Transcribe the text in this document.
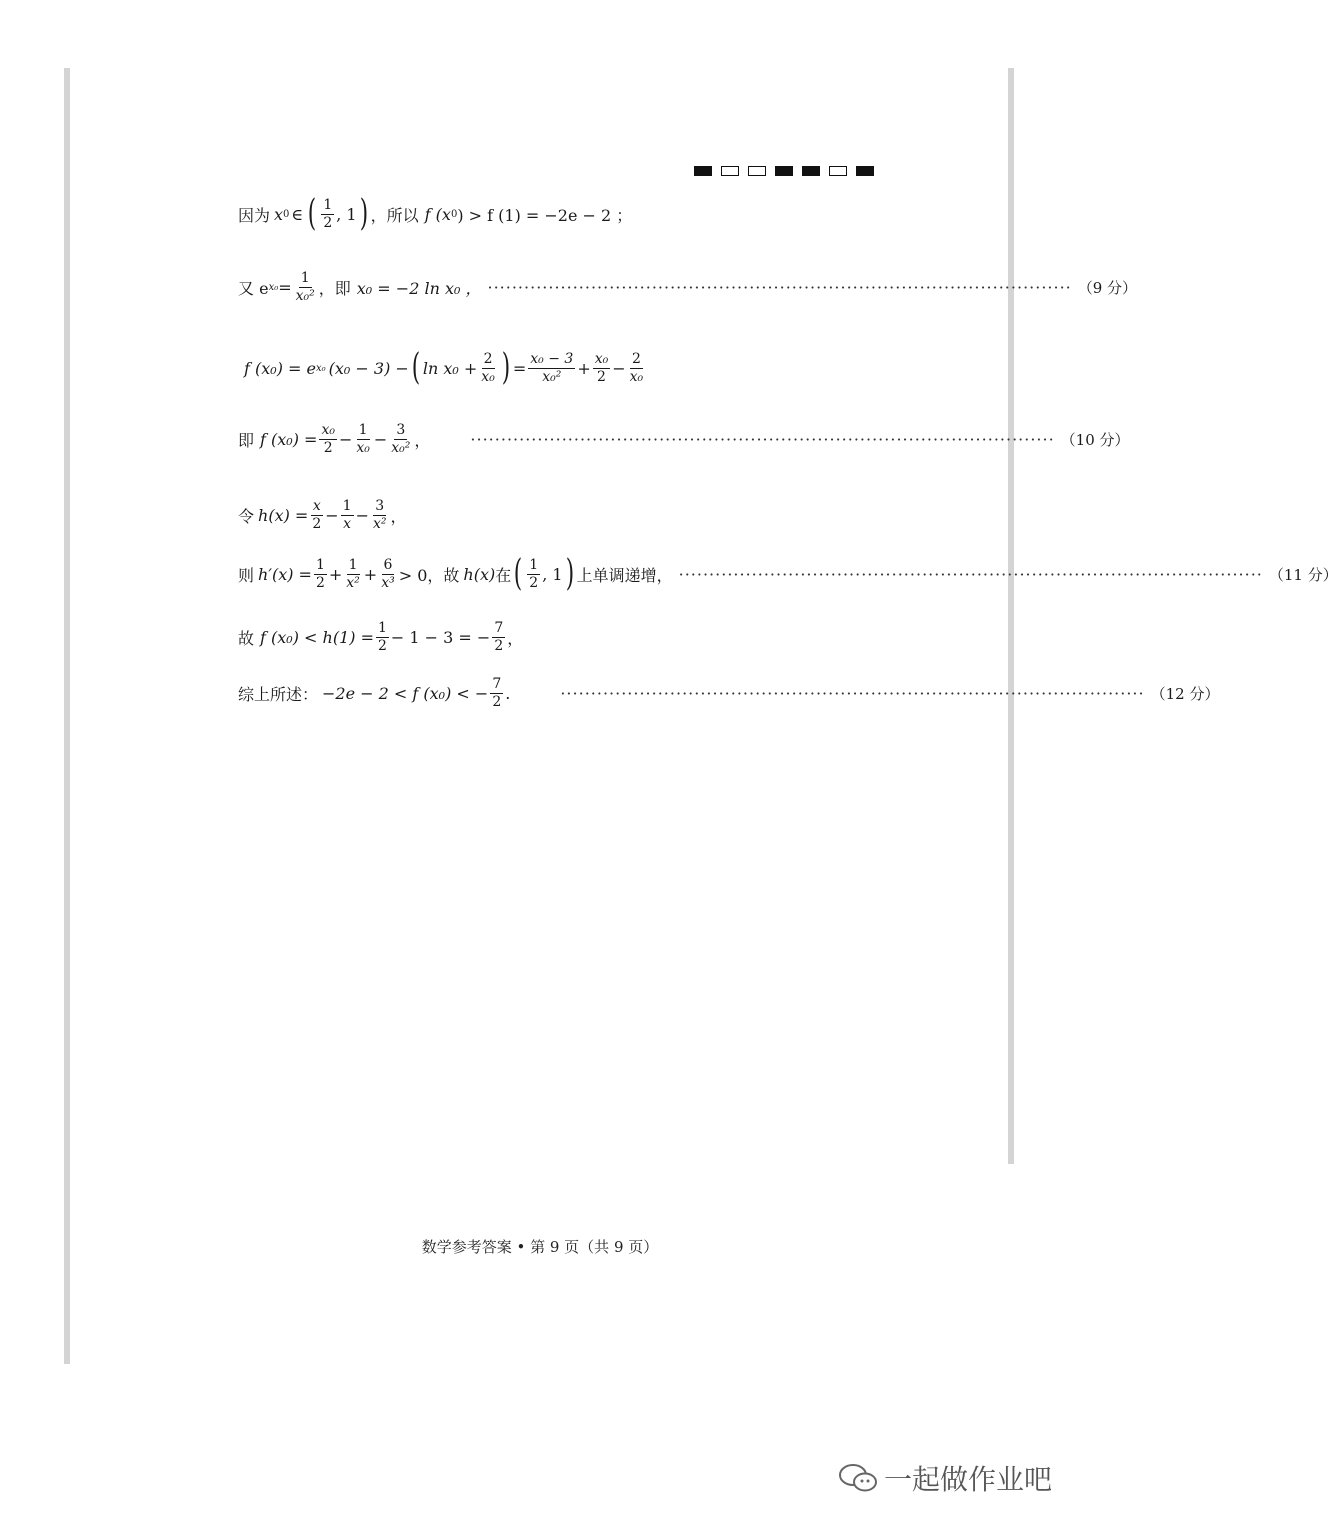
因为 x 0 ∈ ( $\frac{1}{2}$ , 1 ) ，所以 f (x 0 ) > f (1) = −2e − 2 ；
又 e $x_0 = \frac{1}{\text{x₀²}}$ ，即 x₀ = −2 ln x₀ ， ································································································ （9 分）
f (x₀) = e x₀ (x₀ − 3) − ( $\ln x_0 + \frac{2}{\text{x₀}}$ ) = $\frac{\text{x₀ − 3}}{\text{x₀²}} + \frac{\text{x₀}}{2} - \frac{2}{\text{x₀}}$
即 f $(x_0) = \frac{\text{x₀}}{2} - \frac{1}{\text{x₀}} - \frac{3}{\text{x₀²}}$ ，	································································································ （10 分）
令 $h(x) = \frac{x}{2} - \frac{1}{x} - \frac{3}{\text{x²}}$ ，
则 $h'(x) = \frac{1}{2} + \frac{1}{\text{x²}} + \frac{6}{\text{x³}} > 0$，故 h(x) 在 ( $\frac{1}{2}$ , 1 ) 上单调递增， ································································································ （11 分）
故 f $(x_0) < h(1) = \frac{1}{2} - 1 - 3$ = − $\frac{7}{2}$ ，
综上所述： −2e − 2 < f (x₀) < − $\frac{7}{2}$ .	································································································ （12 分）
数学参考答案 • 第 9 页（共 9 页）
一起做作业吧
